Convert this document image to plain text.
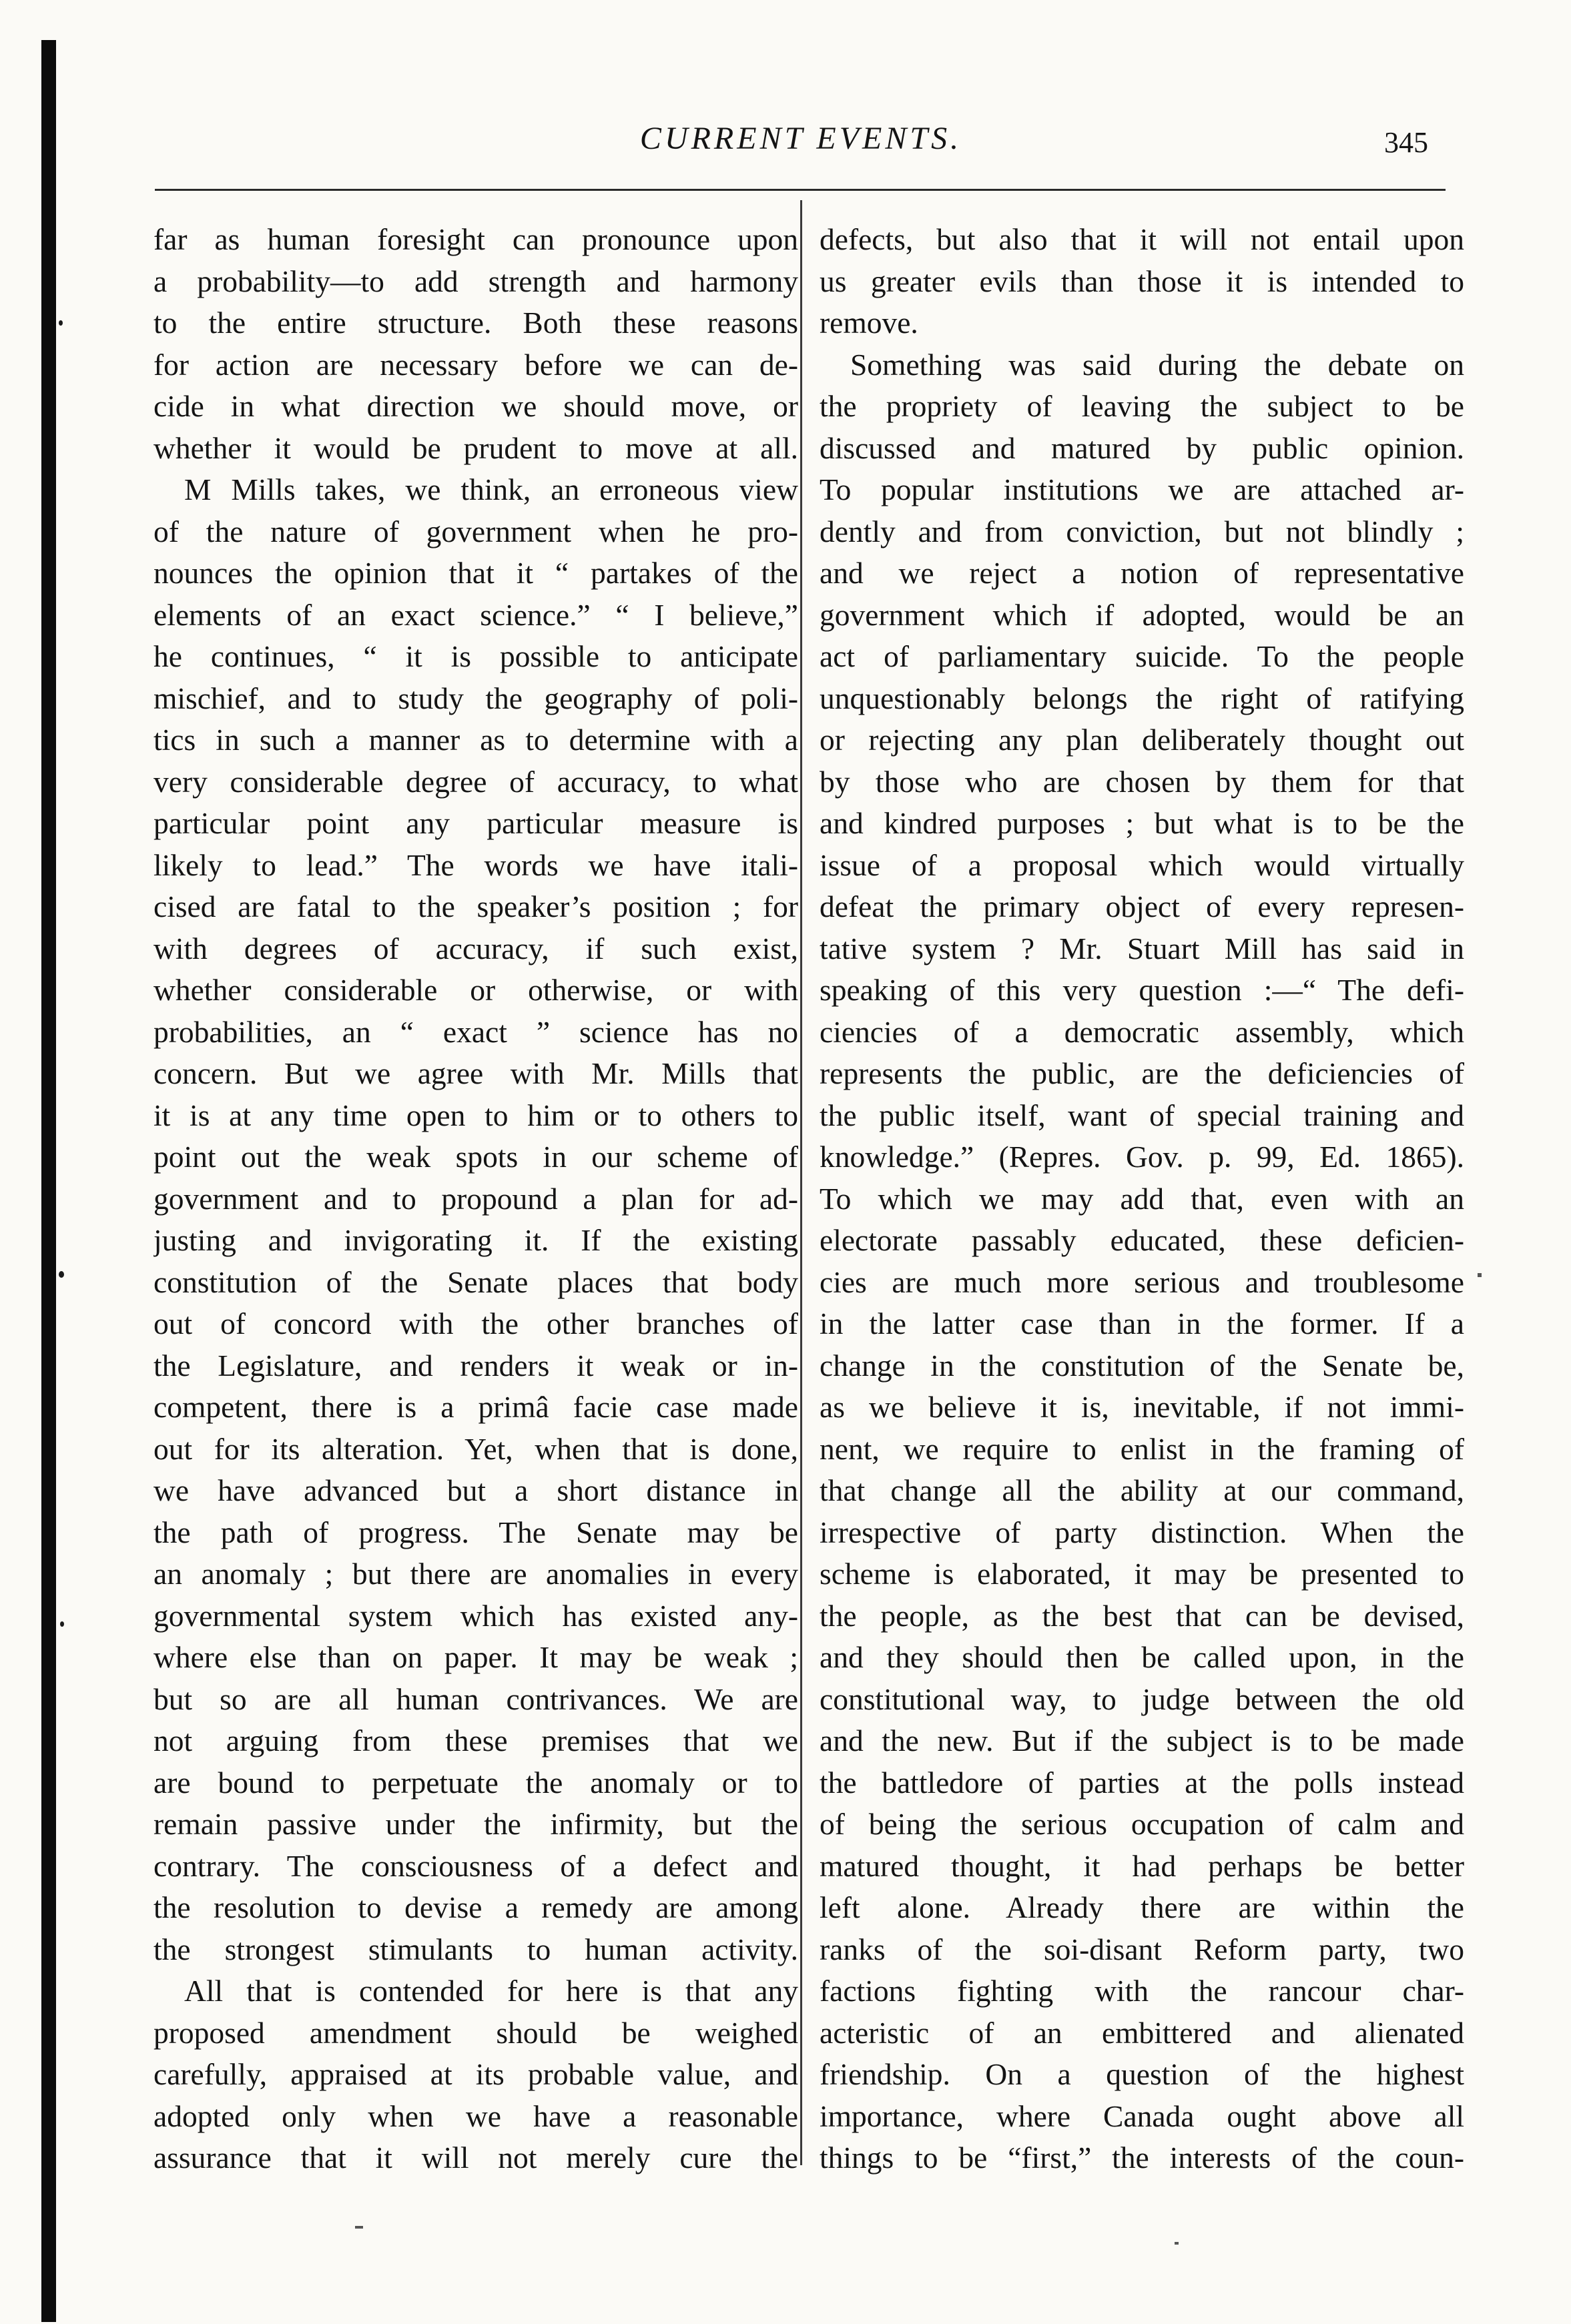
CURRENT EVENTS.	345
far as human foresight can pronounce upon
a probability—to add strength and harmony
to the entire structure. Both these reasons
for action are necessary before we can de-
cide in what direction we should move, or
whether it would be prudent to move at all.
M Mills takes, we think, an erroneous view
of the nature of government when he pro-
nounces the opinion that it “ partakes of the
elements of an exact science.” “ I believe,”
he continues, “ it is possible to anticipate
mischief, and to study the geography of poli-
tics in such a manner as to determine with a
very considerable degree of accuracy, to what
particular point any particular measure is
likely to lead.” The words we have itali-
cised are fatal to the speaker’s position ; for
with degrees of accuracy, if such exist,
whether considerable or otherwise, or with
probabilities, an “ exact ” science has no
concern. But we agree with Mr. Mills that
it is at any time open to him or to others to
point out the weak spots in our scheme of
government and to propound a plan for ad-
justing and invigorating it. If the existing
constitution of the Senate places that body
out of concord with the other branches of
the Legislature, and renders it weak or in-
competent, there is a primâ facie case made
out for its alteration. Yet, when that is done,
we have advanced but a short distance in
the path of progress. The Senate may be
an anomaly ; but there are anomalies in every
governmental system which has existed any-
where else than on paper. It may be weak ;
but so are all human contrivances. We are
not arguing from these premises that we
are bound to perpetuate the anomaly or to
remain passive under the infirmity, but the
contrary. The consciousness of a defect and
the resolution to devise a remedy are among
the strongest stimulants to human activity.
All that is contended for here is that any
proposed amendment should be weighed
carefully, appraised at its probable value, and
adopted only when we have a reasonable
assurance that it will not merely cure the
defects, but also that it will not entail upon
us greater evils than those it is intended to
remove.
Something was said during the debate on
the propriety of leaving the subject to be
discussed and matured by public opinion.
To popular institutions we are attached ar-
dently and from conviction, but not blindly ;
and we reject a notion of representative
government which if adopted, would be an
act of parliamentary suicide. To the people
unquestionably belongs the right of ratifying
or rejecting any plan deliberately thought out
by those who are chosen by them for that
and kindred purposes ; but what is to be the
issue of a proposal which would virtually
defeat the primary object of every represen-
tative system ? Mr. Stuart Mill has said in
speaking of this very question :—“ The defi-
ciencies of a democratic assembly, which
represents the public, are the deficiencies of
the public itself, want of special training and
knowledge.” (Repres. Gov. p. 99, Ed. 1865).
To which we may add that, even with an
electorate passably educated, these deficien-
cies are much more serious and troublesome
in the latter case than in the former. If a
change in the constitution of the Senate be,
as we believe it is, inevitable, if not immi-
nent, we require to enlist in the framing of
that change all the ability at our command,
irrespective of party distinction. When the
scheme is elaborated, it may be presented to
the people, as the best that can be devised,
and they should then be called upon, in the
constitutional way, to judge between the old
and the new. But if the subject is to be made
the battledore of parties at the polls instead
of being the serious occupation of calm and
matured thought, it had perhaps be better
left alone. Already there are within the
ranks of the soi-disant Reform party, two
factions fighting with the rancour char-
acteristic of an embittered and alienated
friendship. On a question of the highest
importance, where Canada ought above all
things to be “first,” the interests of the coun-
